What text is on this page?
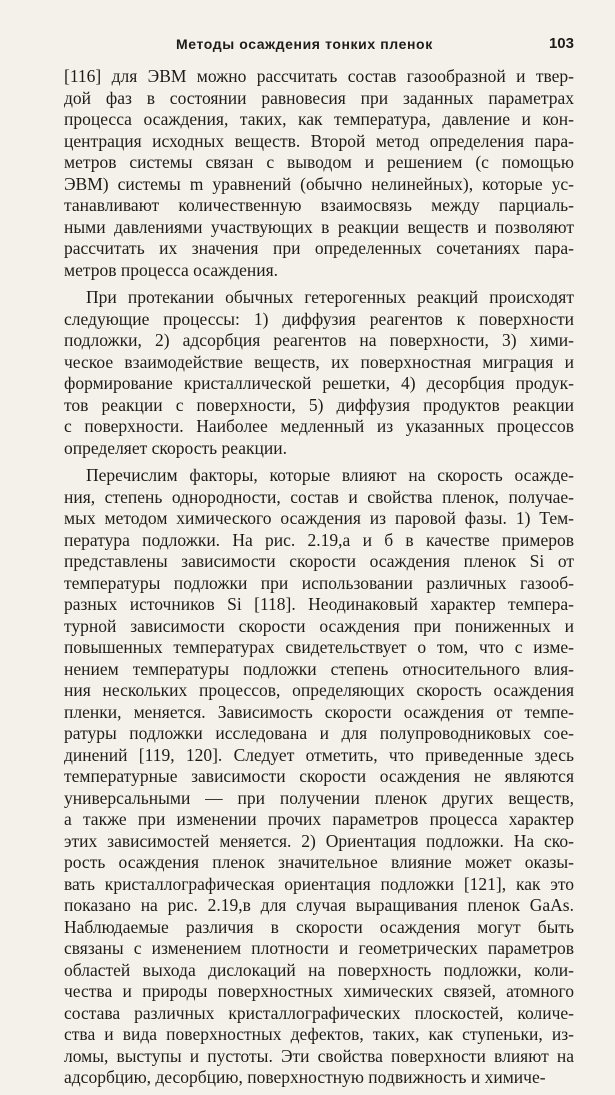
Методы осаждения тонких пленок	103
[116] для ЭВМ можно рассчитать состав газообразной и твер-
дой фаз в состоянии равновесия при заданных параметрах
процесса осаждения, таких, как температура, давление и кон-
центрация исходных веществ. Второй метод определения пара-
метров системы связан с выводом и решением (с помощью
ЭВМ) системы m уравнений (обычно нелинейных), которые ус-
танавливают количественную взаимосвязь между парциаль-
ными давлениями участвующих в реакции веществ и позволяют
рассчитать их значения при определенных сочетаниях пара-
метров процесса осаждения.
При протекании обычных гетерогенных реакций происходят
следующие процессы: 1) диффузия реагентов к поверхности
подложки, 2) адсорбция реагентов на поверхности, 3) хими-
ческое взаимодействие веществ, их поверхностная миграция и
формирование кристаллической решетки, 4) десорбция продук-
тов реакции с поверхности, 5) диффузия продуктов реакции
с поверхности. Наиболее медленный из указанных процессов
определяет скорость реакции.
Перечислим факторы, которые влияют на скорость осажде-
ния, степень однородности, состав и свойства пленок, получае-
мых методом химического осаждения из паровой фазы. 1) Тем-
пература подложки. На рис. 2.19,а и б в качестве примеров
представлены зависимости скорости осаждения пленок Si от
температуры подложки при использовании различных газооб-
разных источников Si [118]. Неодинаковый характер темпера-
турной зависимости скорости осаждения при пониженных и
повышенных температурах свидетельствует о том, что с изме-
нением температуры подложки степень относительного влия-
ния нескольких процессов, определяющих скорость осаждения
пленки, меняется. Зависимость скорости осаждения от темпе-
ратуры подложки исследована и для полупроводниковых сое-
динений [119, 120]. Следует отметить, что приведенные здесь
температурные зависимости скорости осаждения не являются
универсальными — при получении пленок других веществ,
а также при изменении прочих параметров процесса характер
этих зависимостей меняется. 2) Ориентация подложки. На ско-
рость осаждения пленок значительное влияние может оказы-
вать кристаллографическая ориентация подложки [121], как это
показано на рис. 2.19,в для случая выращивания пленок GaAs.
Наблюдаемые различия в скорости осаждения могут быть
связаны с изменением плотности и геометрических параметров
областей выхода дислокаций на поверхность подложки, коли-
чества и природы поверхностных химических связей, атомного
состава различных кристаллографических плоскостей, количе-
ства и вида поверхностных дефектов, таких, как ступеньки, из-
ломы, выступы и пустоты. Эти свойства поверхности влияют на
адсорбцию, десорбцию, поверхностную подвижность и химиче-
